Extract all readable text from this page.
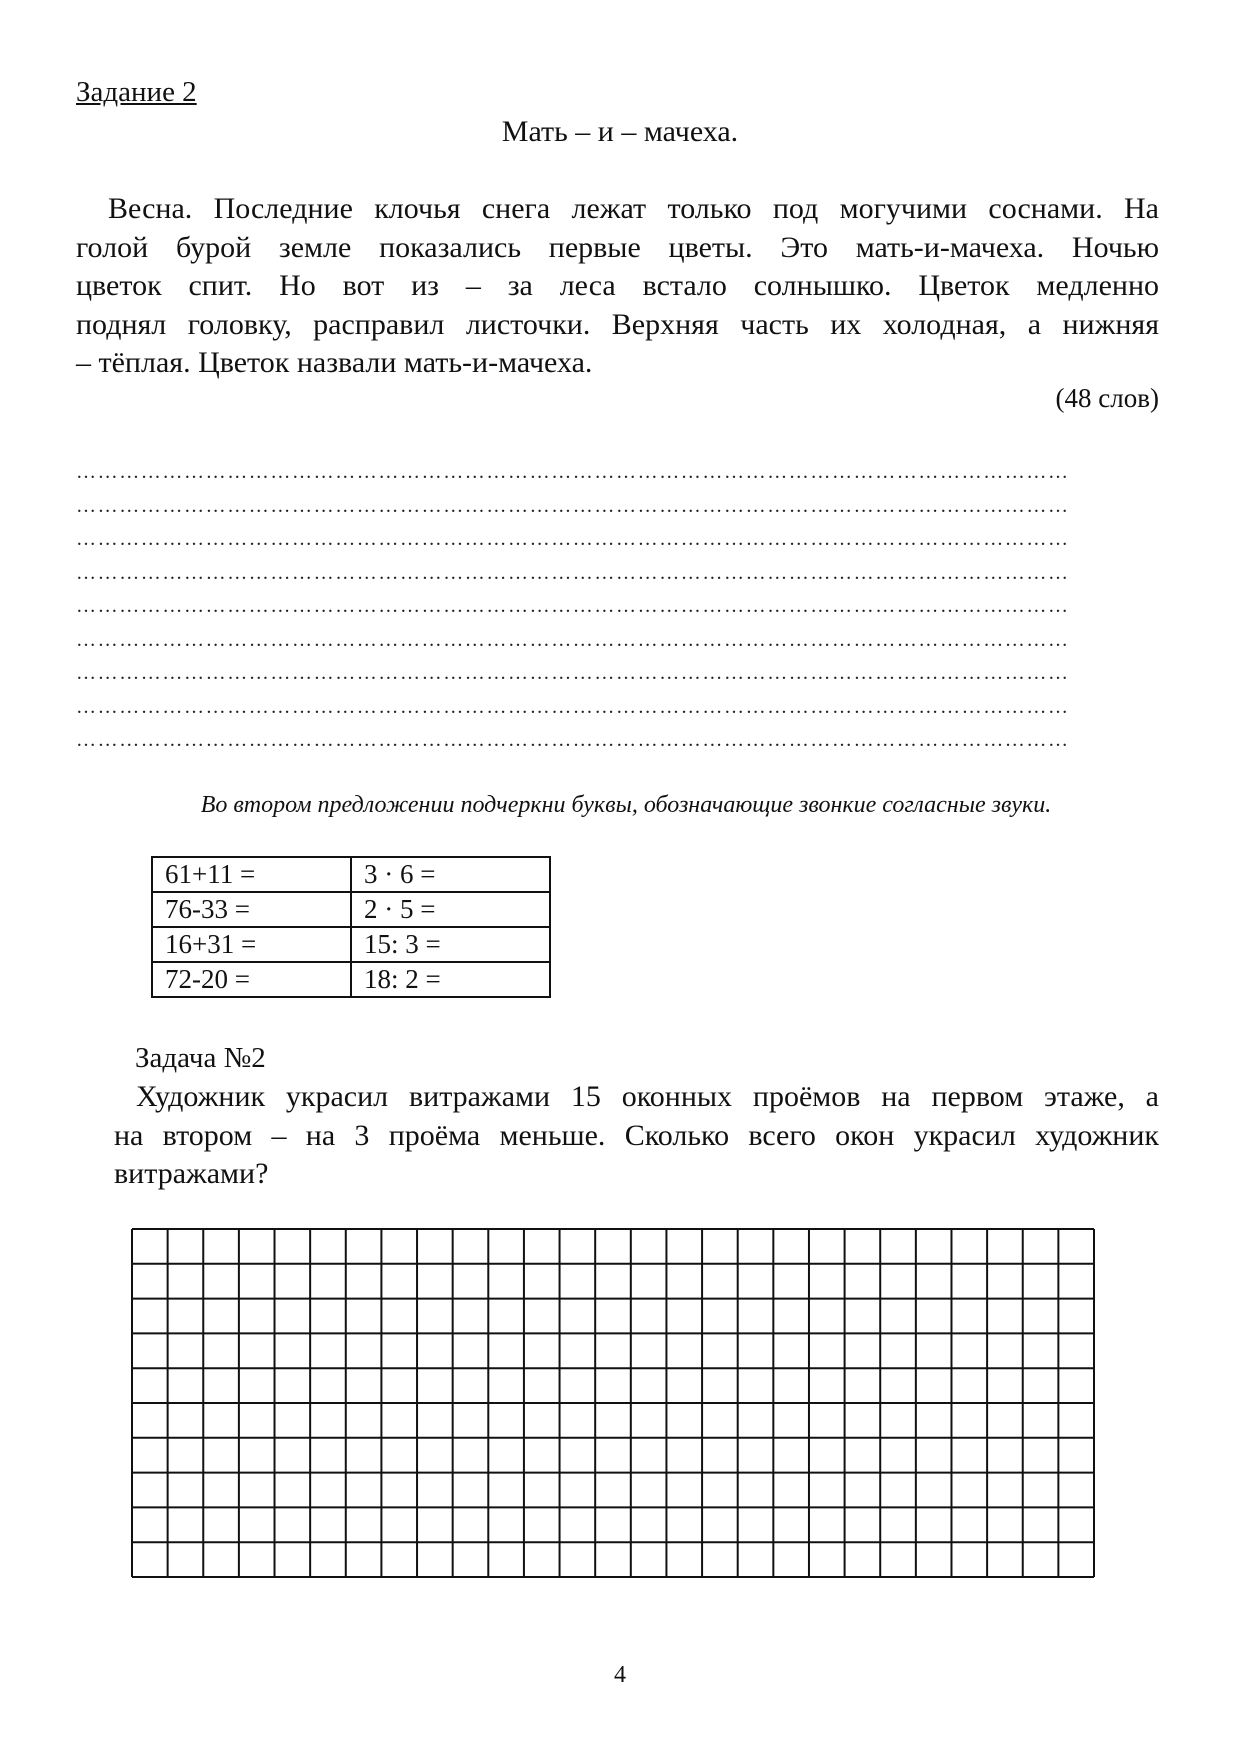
Задание 2
Мать – и – мачеха.
Весна. Последние клочья снега лежат только под могучими соснами. На
голой бурой земле показались первые цветы. Это мать-и-мачеха. Ночью
цветок спит. Но вот из – за леса встало солнышко. Цветок медленно
поднял головку, расправил листочки. Верхняя часть их холодная, а нижняя
– тёплая. Цветок назвали мать-и-мачеха.
(48 слов)
…………………………………………………………………………………………………………………………
…………………………………………………………………………………………………………………………
…………………………………………………………………………………………………………………………
…………………………………………………………………………………………………………………………
…………………………………………………………………………………………………………………………
…………………………………………………………………………………………………………………………
…………………………………………………………………………………………………………………………
…………………………………………………………………………………………………………………………
…………………………………………………………………………………………………………………………
Во втором предложении подчеркни буквы, обозначающие звонкие согласные звуки.
61+11 =	3 · 6 =
76-33 =	2 · 5 =
16+31 =	15: 3 =
72-20 =	18: 2 =
Задача №2
Художник украсил витражами 15 оконных проёмов на первом этаже, а
на втором – на 3 проёма меньше. Сколько всего окон украсил художник
витражами?
4
